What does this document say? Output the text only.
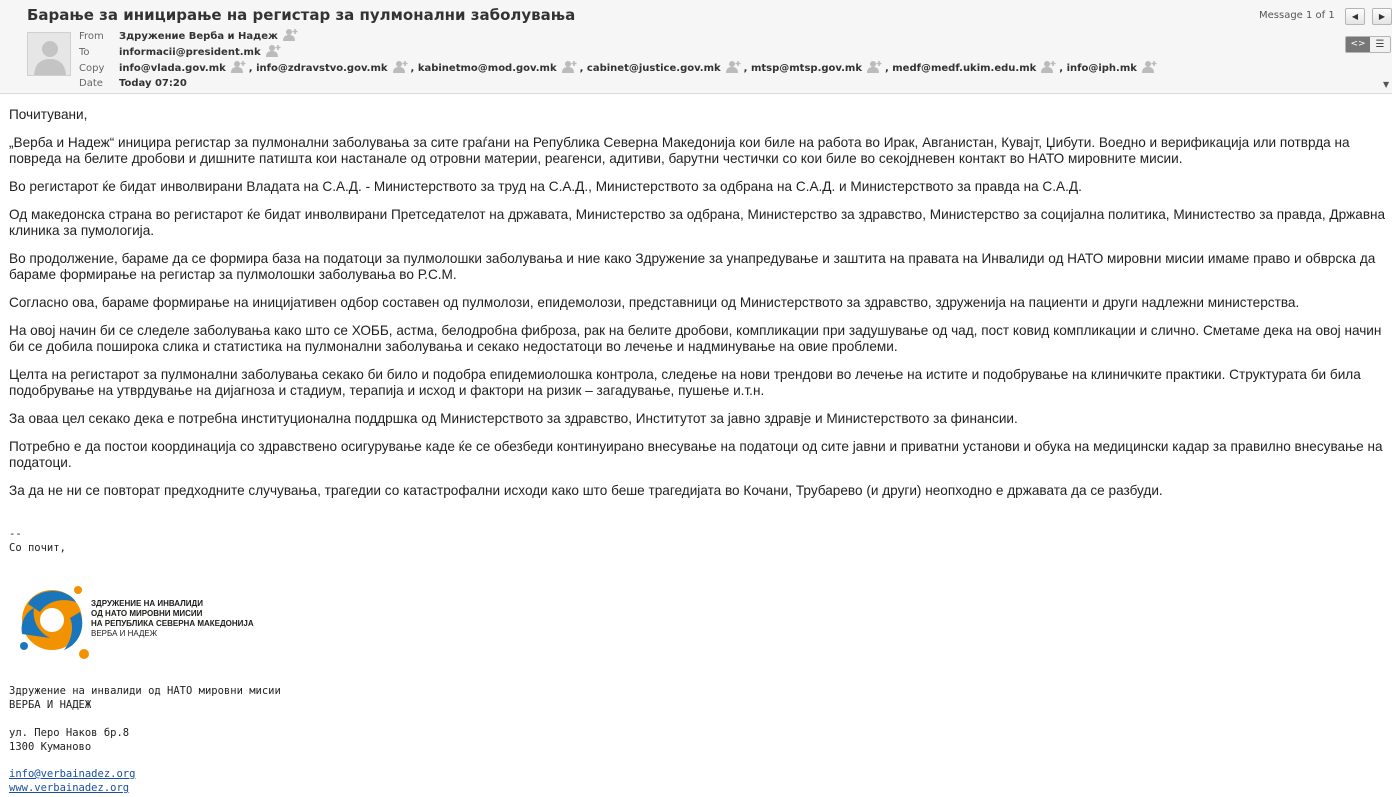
Барање за иницирање на регистар за пулмонални заболувања
From Здружение Верба и Надеж
To	informacii@president.mk
Copy info@vlada.gov.mk , info@zdravstvo.gov.mk , kabinetmo@mod.gov.mk , cabinet@justice.gov.mk , mtsp@mtsp.gov.mk , medf@medf.ukim.edu.mk , info@iph.mk
Date Today 07:20
Message 1 of 1	◀	▶
<> ☰
▼

Почитувани,

„Верба и Надеж“ иницира регистар за пулмонални заболувања за сите граѓани на Република Северна Македонија кои биле на работа во Ирак, Авганистан, Кувајт, Џибути. Воедно и верификација или потврда на повреда на белите дробови и дишните патишта кои настанале од отровни материи, реагенси, адитиви, барутни честички со кои биле во секојдневен контакт во НАТО мировните мисии.

Во регистарот ќе бидат инволвирани Владата на С.А.Д. - Министерството за труд на С.А.Д., Министерството за одбрана на С.А.Д. и Министерството за правда на С.А.Д.

Од македонска страна во регистарот ќе бидат инволвирани Претседателот на државата, Министерство за одбрана, Министерство за здравство, Министерство за социјална политика, Министество за правда, Државна клиника за пумологија.

Во продолжение, бараме да се формира база на податоци за пулмолошки заболувања и ние како Здружение за унапредување и заштита на правата на Инвалиди од НАТО мировни мисии имаме право и обврска да бараме формирање на регистар за пулмолошки заболувања во Р.С.М.

Согласно ова, бараме формирање на иницијативен одбор составен од пулмолози, епидемолози, представници од Министерството за здравство, здруженија на пациенти и други надлежни министерства.

На овој начин би се следеле заболувања како што се ХОББ, астма, белодробна фиброза, рак на белите дробови, компликации при задушување од чад, пост ковид компликации и слично. Сметаме дека на овој начин би се добила поширока слика и статистика на пулмонални заболувања и секако недостатоци во лечење и надминување на овие проблеми.

Целта на регистарот за пулмонални заболувања секако би било и подобра епидемиолошка контрола, следење на нови трендови во лечење на истите и подобрување на клиничките практики. Структурата би била подобрување на утврдување на дијагноза и стадиум, терапија и исход и фактори на ризик – загадување, пушење и.т.н.

За оваа цел секако дека е потребна институционална поддршка од Министерството за здравство, Институтот за јавно здравје и Министерството за финансии.

Потребно е да постои координација со здравствено осигурување каде ќе се обезбеди континуирано внесување на податоци од сите јавни и приватни установи и обука на медицински кадар за правилно внесување на податоци.

За да не ни се повторат предходните случувања, трагедии со катастрофални исходи како што беше трагедијата во Кочани, Трубарево (и други) неопходно е државата да се разбуди.

--
Со почит,
ЗДРУЖЕНИЕ НА ИНВАЛИДИ
ОД НАТО МИРОВНИ МИСИИ
НА РЕПУБЛИКА СЕВЕРНА МАКЕДОНИЈА
ВЕРБА И НАДЕЖ
Здружение на инвалиди од НАТО мировни мисии
ВЕРБА И НАДЕЖ
ул. Перо Наков бр.8
1300 Куманово
info@verbainadez.org
www.verbainadez.org
